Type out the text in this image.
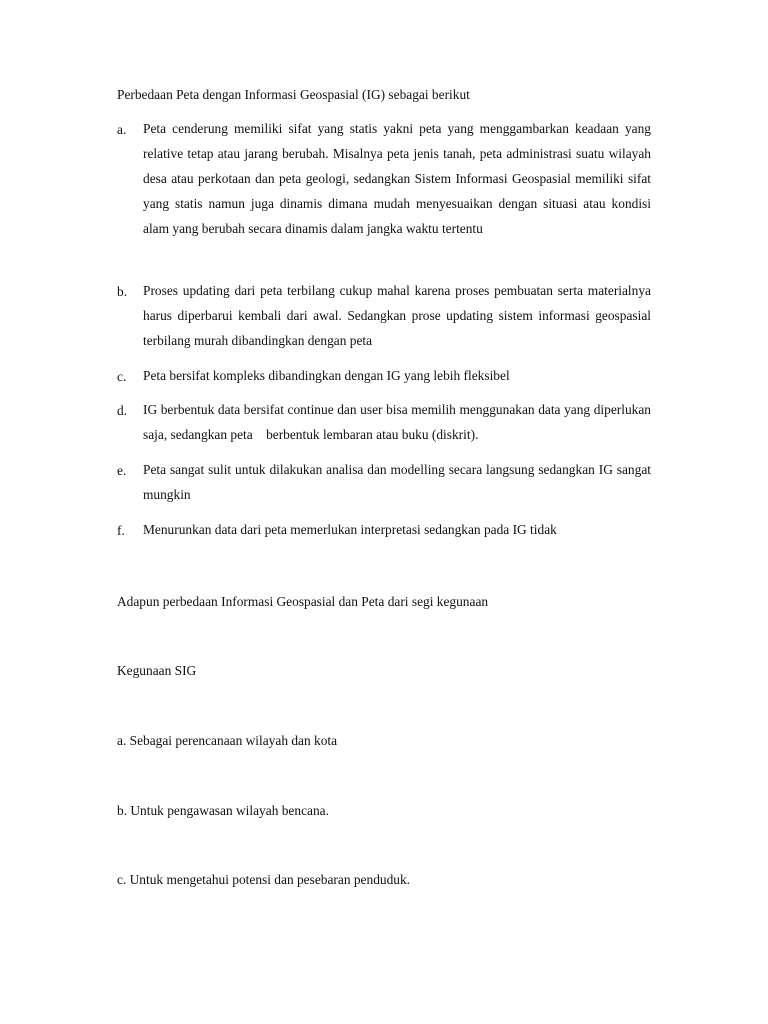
Perbedaan Peta dengan Informasi Geospasial (IG) sebagai berikut
a. Peta cenderung memiliki sifat yang statis yakni peta yang menggambarkan keadaan yang relative tetap atau jarang berubah. Misalnya peta jenis tanah, peta administrasi suatu wilayah desa atau perkotaan dan peta geologi, sedangkan Sistem Informasi Geospasial memiliki sifat yang statis namun juga dinamis dimana mudah menyesuaikan dengan situasi atau kondisi alam yang berubah secara dinamis dalam jangka waktu tertentu
b. Proses updating dari peta terbilang cukup mahal karena proses pembuatan serta materialnya harus diperbarui kembali dari awal. Sedangkan prose updating sistem informasi geospasial terbilang murah dibandingkan dengan peta
c. Peta bersifat kompleks dibandingkan dengan IG yang lebih fleksibel
d. IG berbentuk data bersifat continue dan user bisa memilih menggunakan data yang diperlukan saja, sedangkan peta    berbentuk lembaran atau buku (diskrit).
e. Peta sangat sulit untuk dilakukan analisa dan modelling secara langsung sedangkan IG sangat mungkin
f. Menurunkan data dari peta memerlukan interpretasi sedangkan pada IG tidak
Adapun perbedaan Informasi Geospasial dan Peta dari segi kegunaan
Kegunaan SIG
a. Sebagai perencanaan wilayah dan kota
b. Untuk pengawasan wilayah bencana.
c. Untuk mengetahui potensi dan pesebaran penduduk.
